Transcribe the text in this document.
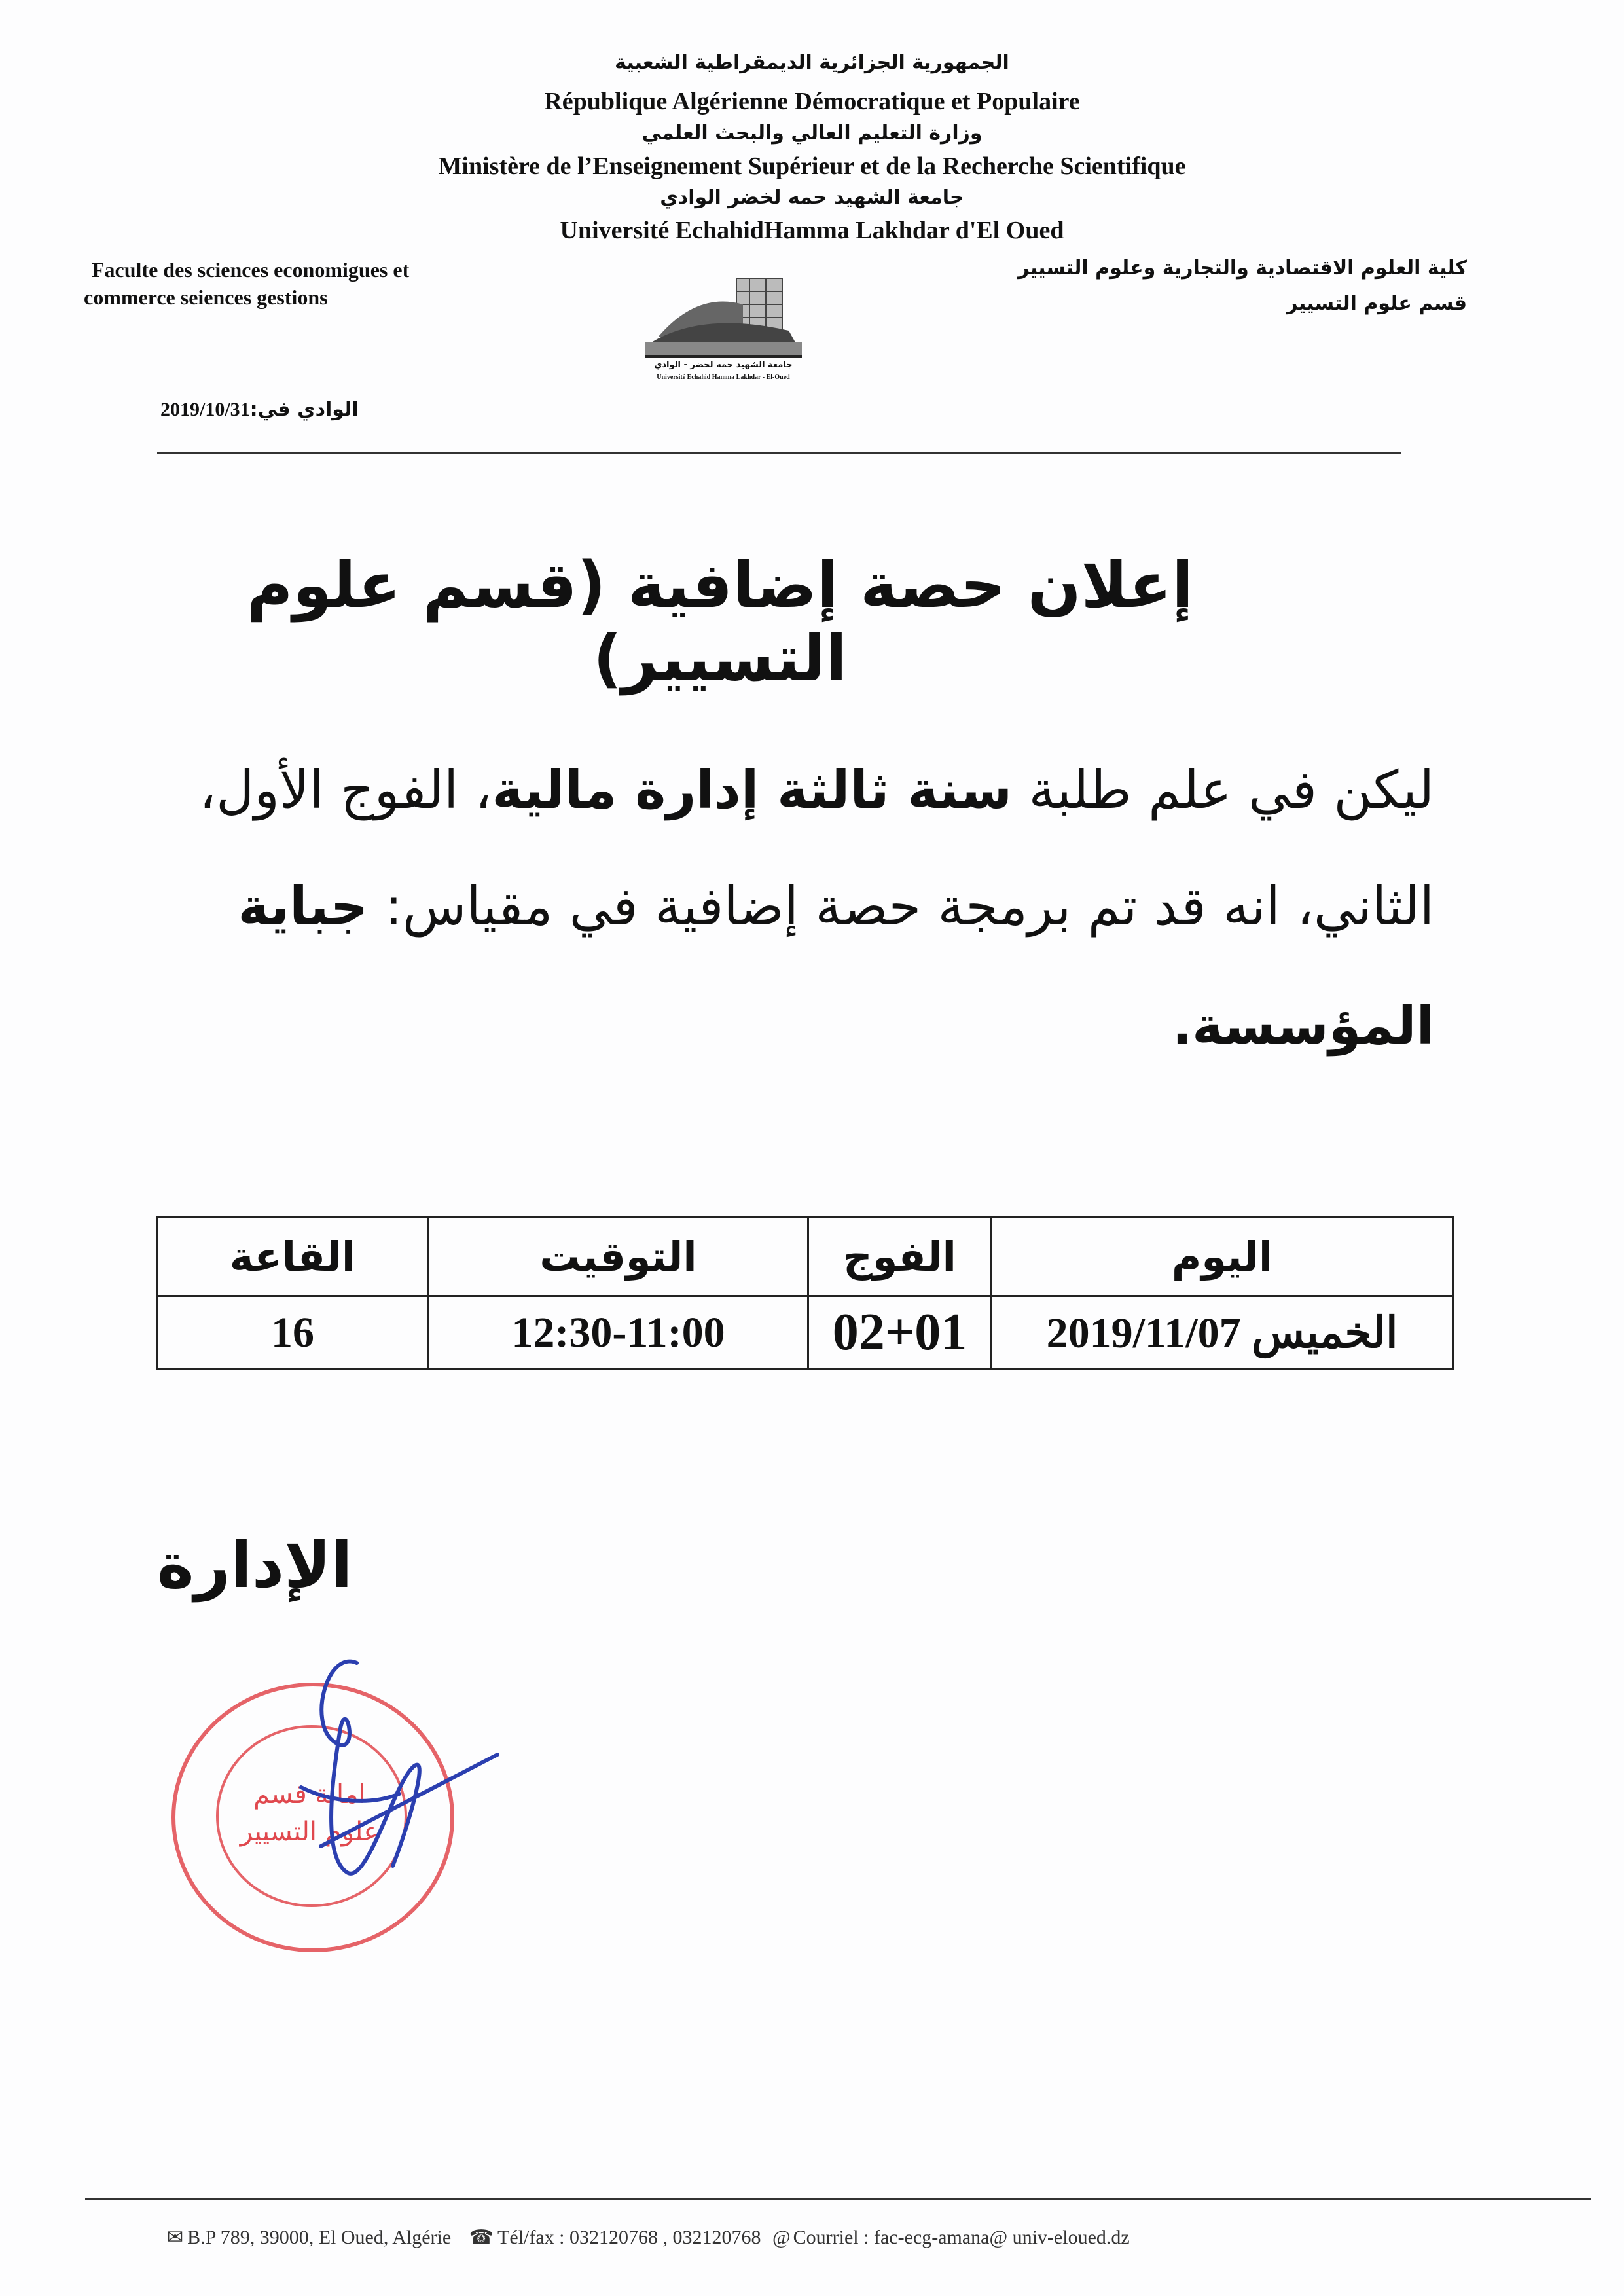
الجمهورية الجزائرية الديمقراطية الشعبية
République Algérienne Démocratique et Populaire
وزارة التعليم العالي والبحث العلمي
Ministère de l’Enseignement Supérieur et de la Recherche Scientifique
جامعة الشهيد حمه لخضر الوادي
Université EchahidHamma Lakhdar d'El Oued
Faculte des sciences economigues et
commerce seiences gestions
كلية العلوم الاقتصادية والتجارية وعلوم التسيير
قسم علوم التسيير
جامعة الشهيد حمه لخضر - الوادي
Université Echahid Hamma Lakhdar - El-Oued
الوادي في:2019/10/31
إعلان حصة إضافية (قسم علوم التسيير)
ليكن في علم طلبة سنة ثالثة إدارة مالية، الفوج الأول،
الثاني، انه قد تم برمجة حصة إضافية في مقياس: جباية
المؤسسة.
اليوم	الفوج	التوقيت	القاعة
الخميس 2019/11/07	02+01	12:30-11:00	16
الإدارة
امانة قسم
علوم التسيير
✉ B.P 789, 39000, El Oued, Algérie ☎ Tél/fax : 032120768 , 032120768 @ Courriel : fac-ecg-amana@ univ-eloued.dz
